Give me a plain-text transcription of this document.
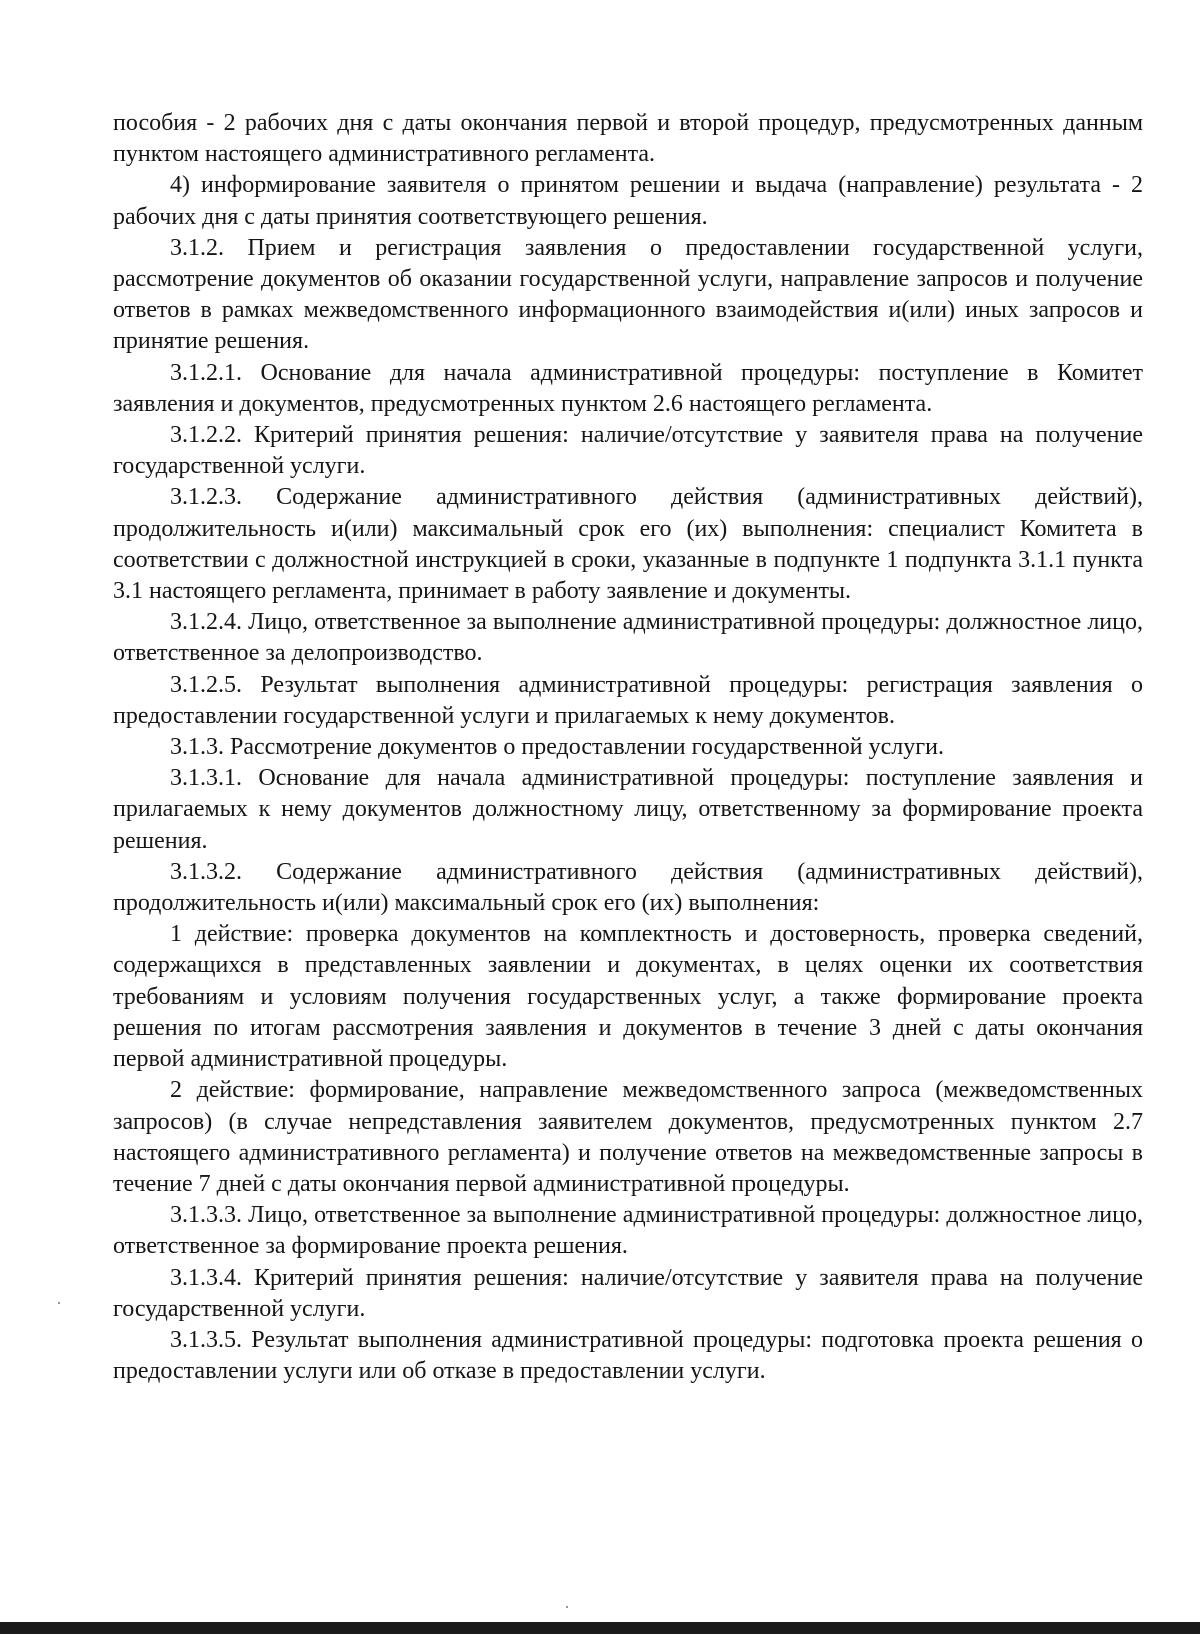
пособия - 2 рабочих дня с даты окончания первой и второй процедур, предусмотренных данным пунктом настоящего административного регламента.

4) информирование заявителя о принятом решении и выдача (направление) результата - 2 рабочих дня с даты принятия соответствующего решения.

3.1.2. Прием и регистрация заявления о предоставлении государственной услуги, рассмотрение документов об оказании государственной услуги, направление запросов и получение ответов в рамках межведомственного информационного взаимодействия и(или) иных запросов и принятие решения.

3.1.2.1. Основание для начала административной процедуры: поступление в Комитет заявления и документов, предусмотренных пунктом 2.6 настоящего регламента.

3.1.2.2. Критерий принятия решения: наличие/отсутствие у заявителя права на получение государственной услуги.

3.1.2.3. Содержание административного действия (административных действий), продолжительность и(или) максимальный срок его (их) выполнения: специалист Комитета в соответствии с должностной инструкцией в сроки, указанные в подпункте 1 подпункта 3.1.1 пункта 3.1 настоящего регламента, принимает в работу заявление и документы.

3.1.2.4. Лицо, ответственное за выполнение административной процедуры: должностное лицо, ответственное за делопроизводство.

3.1.2.5. Результат выполнения административной процедуры: регистрация заявления о предоставлении государственной услуги и прилагаемых к нему документов.

3.1.3. Рассмотрение документов о предоставлении государственной услуги.

3.1.3.1. Основание для начала административной процедуры: поступление заявления и прилагаемых к нему документов должностному лицу, ответственному за формирование проекта решения.

3.1.3.2. Содержание административного действия (административных действий), продолжительность и(или) максимальный срок его (их) выполнения:

1 действие: проверка документов на комплектность и достоверность, проверка сведений, содержащихся в представленных заявлении и документах, в целях оценки их соответствия требованиям и условиям получения государственных услуг, а также формирование проекта решения по итогам рассмотрения заявления и документов в течение 3 дней с даты окончания первой административной процедуры.

2 действие: формирование, направление межведомственного запроса (межведомственных запросов) (в случае непредставления заявителем документов, предусмотренных пунктом 2.7 настоящего административного регламента) и получение ответов на межведомственные запросы в течение 7 дней с даты окончания первой административной процедуры.

3.1.3.3. Лицо, ответственное за выполнение административной процедуры: должностное лицо, ответственное за формирование проекта решения.

3.1.3.4. Критерий принятия решения: наличие/отсутствие у заявителя права на получение государственной услуги.

3.1.3.5. Результат выполнения административной процедуры: подготовка проекта решения о предоставлении услуги или об отказе в предоставлении услуги.
